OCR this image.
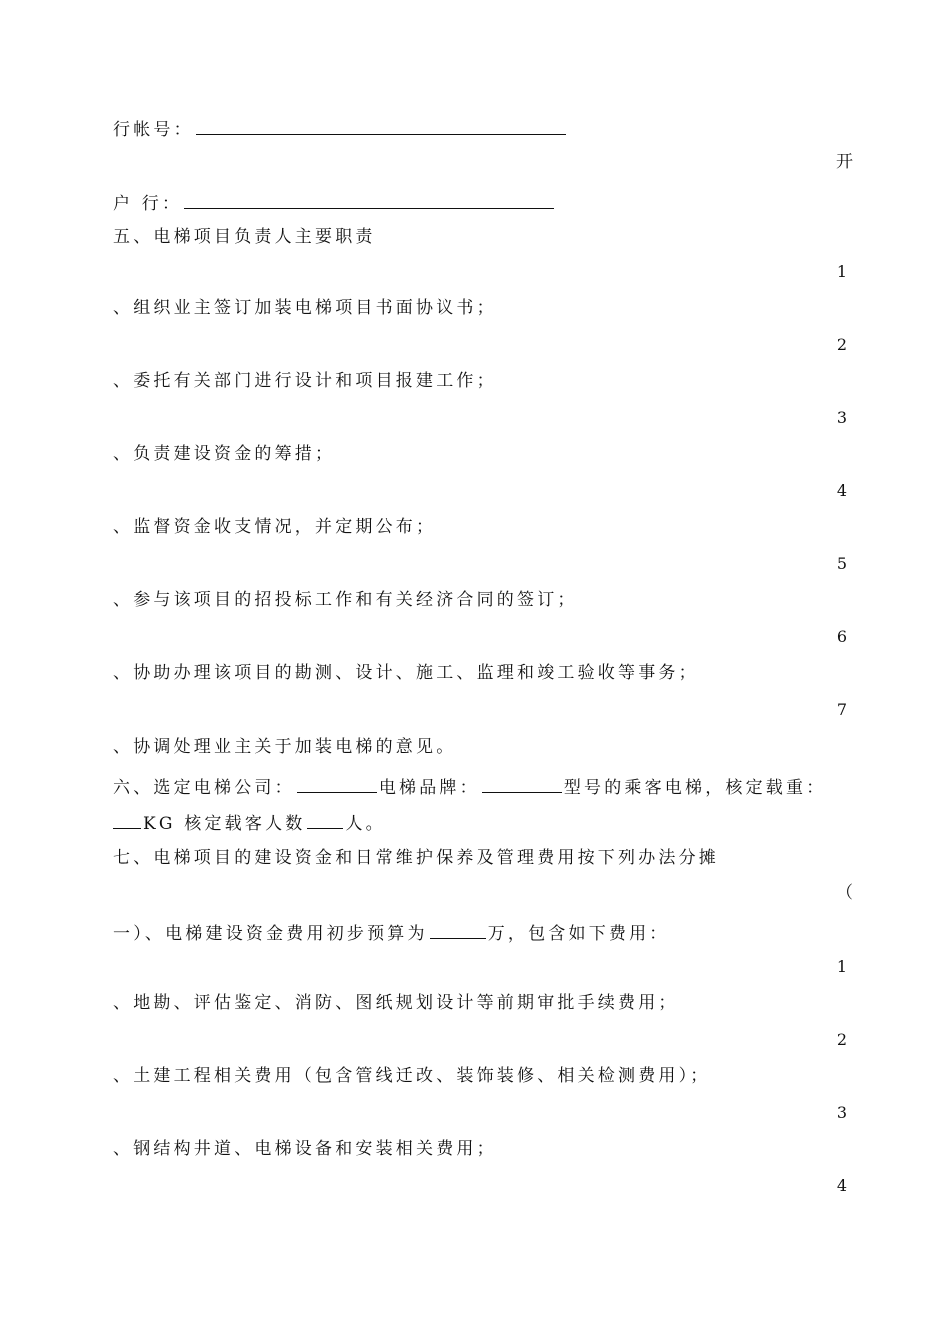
行帐号：
开
户 行：
五、电梯项目负责人主要职责
1
、组织业主签订加装电梯项目书面协议书；
2
、委托有关部门进行设计和项目报建工作；
3
、负责建设资金的筹措；
4
、监督资金收支情况，并定期公布；
5
、参与该项目的招投标工作和有关经济合同的签订；
6
、协助办理该项目的勘测、设计、施工、监理和竣工验收等事务；
7
、协调处理业主关于加装电梯的意见。
六、选定电梯公司：	电梯品牌：	型号的乘客电梯，核定载重：
KG 核定载客人数 人。
七、电梯项目的建设资金和日常维护保养及管理费用按下列办法分摊
（
一）、电梯建设资金费用初步预算为	万，包含如下费用：
1
、地勘、评估鉴定、消防、图纸规划设计等前期审批手续费用；
2
、土建工程相关费用（包含管线迁改、装饰装修、相关检测费用）；
3
、钢结构井道、电梯设备和安装相关费用；
4
